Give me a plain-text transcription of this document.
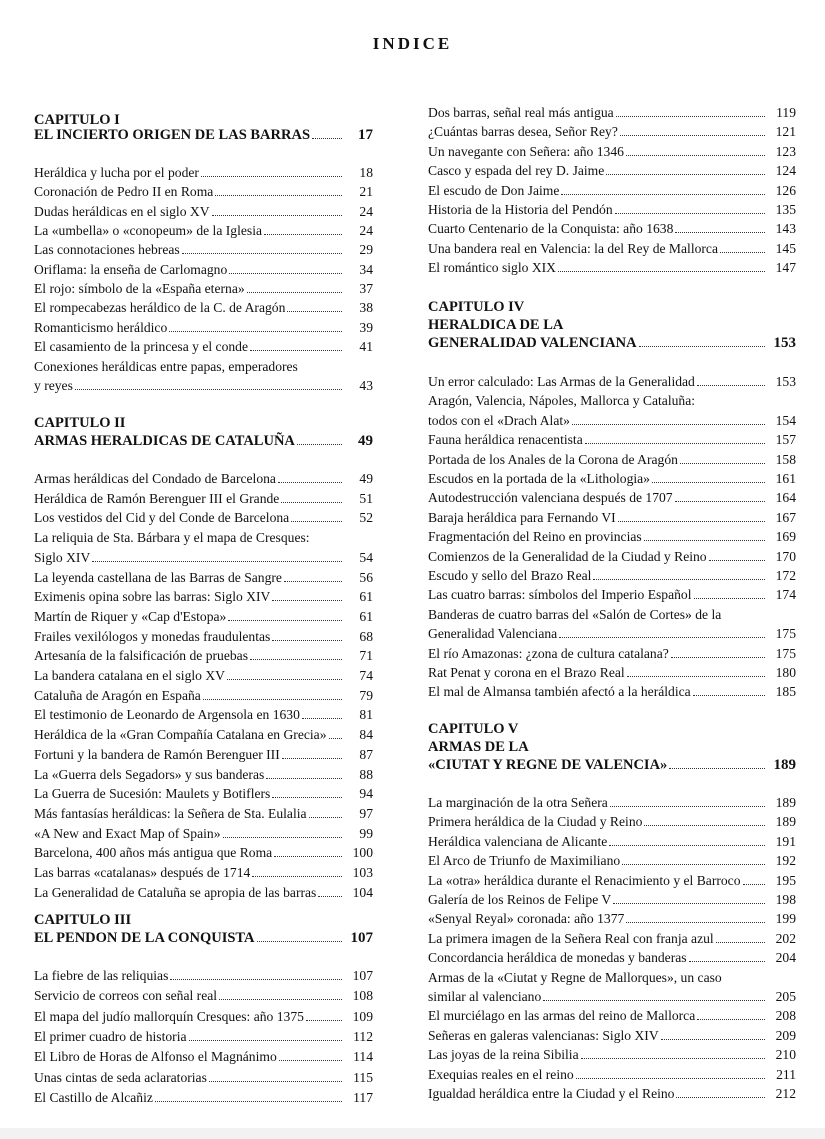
INDICE
CAPITULO I
EL INCIERTO ORIGEN DE LAS BARRAS	17
Heráldica y lucha por el poder	18
Coronación de Pedro II en Roma	21
Dudas heráldicas en el siglo XV	24
La «umbella» o «conopeum» de la Iglesia	24
Las connotaciones hebreas	29
Oriflama: la enseña de Carlomagno	34
El rojo: símbolo de la «España eterna»	37
El rompecabezas heráldico de la C. de Aragón	38
Romanticismo heráldico	39
El casamiento de la princesa y el conde	41
Conexiones heráldicas entre papas, emperadores
y reyes	43
CAPITULO II
ARMAS HERALDICAS DE CATALUÑA	49
Armas heráldicas del Condado de Barcelona	49
Heráldica de Ramón Berenguer III el Grande	51
Los vestidos del Cid y del Conde de Barcelona	52
La reliquia de Sta. Bárbara y el mapa de Cresques:
Siglo XIV	54
La leyenda castellana de las Barras de Sangre	56
Eximenis opina sobre las barras: Siglo XIV	61
Martín de Riquer y «Cap d'Estopa»	61
Frailes vexilólogos y monedas fraudulentas	68
Artesanía de la falsificación de pruebas	71
La bandera catalana en el siglo XV	74
Cataluña de Aragón en España	79
El testimonio de Leonardo de Argensola en 1630	81
Heráldica de la «Gran Compañía Catalana en Grecia»	84
Fortuni y la bandera de Ramón Berenguer III	87
La «Guerra dels Segadors» y sus banderas	88
La Guerra de Sucesión: Maulets y Botiflers	94
Más fantasías heráldicas: la Señera de Sta. Eulalia	97
«A New and Exact Map of Spain»	99
Barcelona, 400 años más antigua que Roma	100
Las barras «catalanas» después de 1714	103
La Generalidad de Cataluña se apropia de las barras	104
CAPITULO III
EL PENDON DE LA CONQUISTA	107
La fiebre de las reliquias	107
Servicio de correos con señal real	108
El mapa del judío mallorquín Cresques: año 1375	109
El primer cuadro de historia	112
El Libro de Horas de Alfonso el Magnánimo	114
Unas cintas de seda aclaratorias	115
El Castillo de Alcañiz	117
Dos barras, señal real más antigua	119
¿Cuántas barras desea, Señor Rey?	121
Un navegante con Señera: año 1346	123
Casco y espada del rey D. Jaime	124
El escudo de Don Jaime	126
Historia de la Historia del Pendón	135
Cuarto Centenario de la Conquista: año 1638	143
Una bandera real en Valencia: la del Rey de Mallorca	145
El romántico siglo XIX	147
CAPITULO IV
HERALDICA DE LA
GENERALIDAD VALENCIANA	153
Un error calculado: Las Armas de la Generalidad	153
Aragón, Valencia, Nápoles, Mallorca y Cataluña:
todos con el «Drach Alat»	154
Fauna heráldica renacentista	157
Portada de los Anales de la Corona de Aragón	158
Escudos en la portada de la «Lithologia»	161
Autodestrucción valenciana después de 1707	164
Baraja heráldica para Fernando VI	167
Fragmentación del Reino en provincias	169
Comienzos de la Generalidad de la Ciudad y Reino	170
Escudo y sello del Brazo Real	172
Las cuatro barras: símbolos del Imperio Español	174
Banderas de cuatro barras del «Salón de Cortes» de la
Generalidad Valenciana	175
El río Amazonas: ¿zona de cultura catalana?	175
Rat Penat y corona en el Brazo Real	180
El mal de Almansa también afectó a la heráldica	185
CAPITULO V
ARMAS DE LA
«CIUTAT Y REGNE DE VALENCIA»	189
La marginación de la otra Señera	189
Primera heráldica de la Ciudad y Reino	189
Heráldica valenciana de Alicante	191
El Arco de Triunfo de Maximiliano	192
La «otra» heráldica durante el Renacimiento y el Barroco	195
Galería de los Reinos de Felipe V	198
«Senyal Reyal» coronada: año 1377	199
La primera imagen de la Señera Real con franja azul	202
Concordancia heráldica de monedas y banderas	204
Armas de la «Ciutat y Regne de Mallorques», un caso
similar al valenciano	205
El murciélago en las armas del reino de Mallorca	208
Señeras en galeras valencianas: Siglo XIV	209
Las joyas de la reina Sibilia	210
Exequias reales en el reino	211
Igualdad heráldica entre la Ciudad y el Reino	212
